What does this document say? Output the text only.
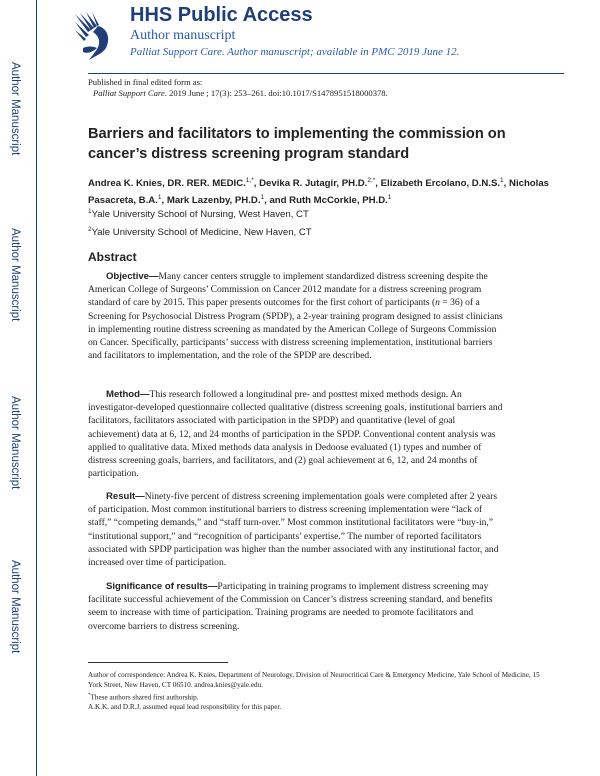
Author Manuscript
Author Manuscript
Author Manuscript
Author Manuscript
HHS Public Access
Author manuscript
Palliat Support Care. Author manuscript; available in PMC 2019 June 12.
Published in final edited form as:
Palliat Support Care. 2019 June ; 17(3): 253–261. doi:10.1017/S1478951518000378.
Barriers and facilitators to implementing the commission on cancer’s distress screening program standard
Andrea K. Knies, DR. RER. MEDIC.$^{1,*}$, Devika R. Jutagir, PH.D.$^{2,*}$, Elizabeth Ercolano, D.N.S.$^1$, Nicholas Pasacreta, B.A.$^1$, Mark Lazenby, PH.D.$^1$, and Ruth McCorkle, PH.D.$^1$
$^1$Yale University School of Nursing, West Haven, CT
$^2$Yale University School of Medicine, New Haven, CT
Abstract
Objective—Many cancer centers struggle to implement standardized distress screening despite the American College of Surgeons’ Commission on Cancer 2012 mandate for a distress screening program standard of care by 2015. This paper presents outcomes for the first cohort of participants (n = 36) of a Screening for Psychosocial Distress Program (SPDP), a 2-year training program designed to assist clinicians in implementing routine distress screening as mandated by the American College of Surgeons Commission on Cancer. Specifically, participants’ success with distress screening implementation, institutional barriers and facilitators to implementation, and the role of the SPDP are described.
Method—This research followed a longitudinal pre- and posttest mixed methods design. An investigator-developed questionnaire collected qualitative (distress screening goals, institutional barriers and facilitators, facilitators associated with participation in the SPDP) and quantitative (level of goal achievement) data at 6, 12, and 24 months of participation in the SPDP. Conventional content analysis was applied to qualitative data. Mixed methods data analysis in Dedoose evaluated (1) types and number of distress screening goals, barriers, and facilitators, and (2) goal achievement at 6, 12, and 24 months of participation.
Result—Ninety-five percent of distress screening implementation goals were completed after 2 years of participation. Most common institutional barriers to distress screening implementation were “lack of staff,” “competing demands,” and “staff turn-over.” Most common institutional facilitators were “buy-in,” “institutional support,” and “recognition of participants’ expertise.” The number of reported facilitators associated with SPDP participation was higher than the number associated with any institutional factor, and increased over time of participation.
Significance of results—Participating in training programs to implement distress screening may facilitate successful achievement of the Commission on Cancer’s distress screening standard, and benefits seem to increase with time of participation. Training programs are needed to promote facilitators and overcome barriers to distress screening.
Author of correspondence: Andrea K. Knies, Department of Neurology, Division of Neurocritical Care & Emergency Medicine, Yale School of Medicine, 15 York Street, New Haven, CT 06510. andrea.knies@yale.edu.
*These authors shared first authorship.
A.K.K. and D.R.J. assumed equal lead responsibility for this paper.
